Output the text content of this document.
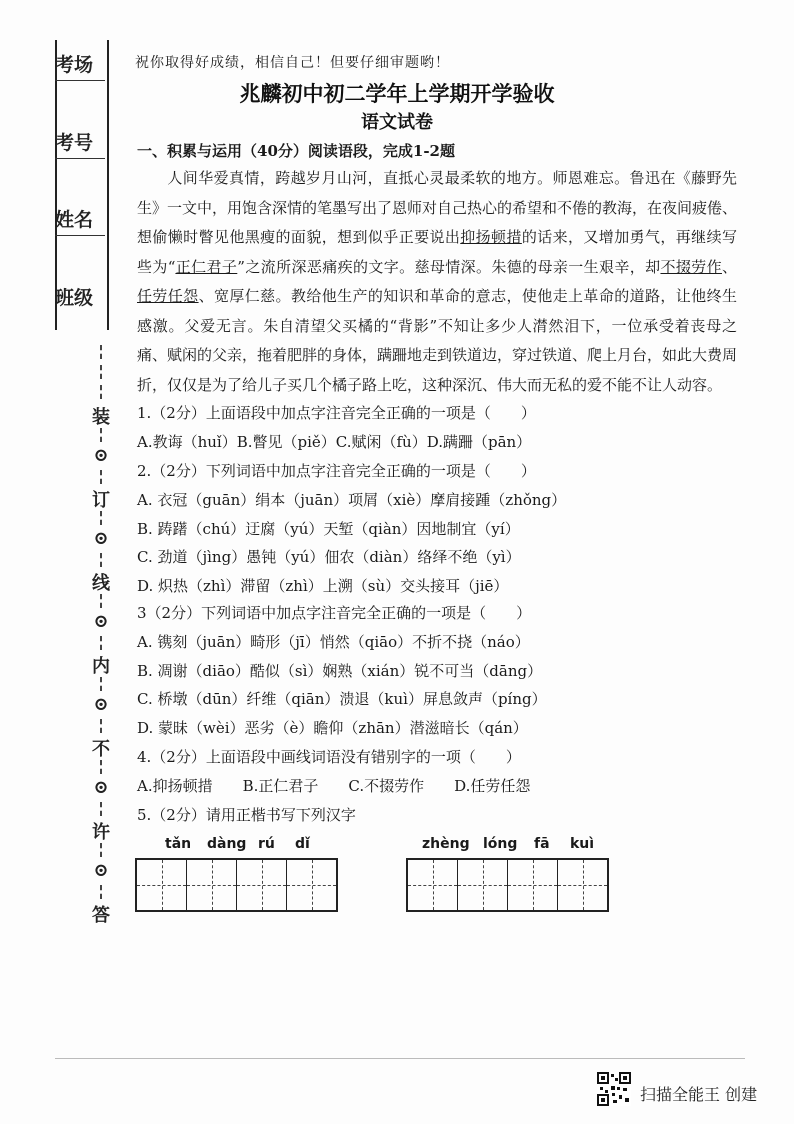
考场
考号
姓名
班级
装
⊙
订
⊙
线
⊙
内
⊙
不
⊙
许
⊙
答
祝你取得好成绩，相信自己！但要仔细审题哟！
兆麟初中初二学年上学期开学验收
语文试卷
一、积累与运用（40分）阅读语段，完成1-2题
  人间华爱真情，跨越岁月山河，直抵心灵最柔软的地方。师恩难忘。鲁迅在《藤野先生》一文中，用饱含深情的笔墨写出了恩师对自己热心的希望和不倦的教海，在夜间疲倦、想偷懒时瞥见他黑瘦的面貌，想到似乎正要说出抑扬顿措的话来，又增加勇气，再继续写些为“正仁君子”之流所深恶痛疾的文字。慈母情深。朱德的母亲一生艰辛，却不掇劳作、任劳任怨、宽厚仁慈。教给他生产的知识和革命的意志，使他走上革命的道路，让他终生感激。父爱无言。朱自清望父买橘的“背影”不知让多少人潸然泪下，一位承受着丧母之痛、赋闲的父亲，拖着肥胖的身体，蹒跚地走到铁道边，穿过铁道、爬上月台，如此大费周折，仅仅是为了给儿子买几个橘子路上吃，这种深沉、伟大而无私的爱不能不让人动容。
1.（2分）上面语段中加点字注音完全正确的一项是（　　）
A.教诲（huǐ）B.瞥见（piě）C.赋闲（fù）D.蹒跚（pān）
2.（2分）下列词语中加点字注音完全正确的一项是（　　）
A. 衣冠（guān）绢本（juān）项屑（xiè）摩肩接踵（zhǒng）
B. 踌躇（chú）迂腐（yú）天堑（qiàn）因地制宜（yí）
C. 劲道（jìng）愚钝（yú）佃农（diàn）络绎不绝（yì）
D. 炽热（zhì）滞留（zhì）上溯（sù）交头接耳（jiē）
3（2分）下列词语中加点字注音完全正确的一项是（　　）
A. 镌刻（juān）畸形（jī）悄然（qiāo）不折不挠（náo）
B. 凋谢（diāo）酷似（sì）娴熟（xián）锐不可当（dāng）
C. 桥墩（dūn）纤维（qiān）溃退（kuì）屏息敛声（píng）
D. 蒙昧（wèi）恶劣（è）瞻仰（zhān）潜滋暗长（qán）
4.（2分）上面语段中画线词语没有错别字的一项（　　）
A.抑扬顿措　　B.正仁君子　　C.不掇劳作　　D.任劳任怨
5.（2分）请用正楷书写下列汉字
tǎn dàng rú dǐ	zhèng lóng fā kuì
扫描全能王 创建
